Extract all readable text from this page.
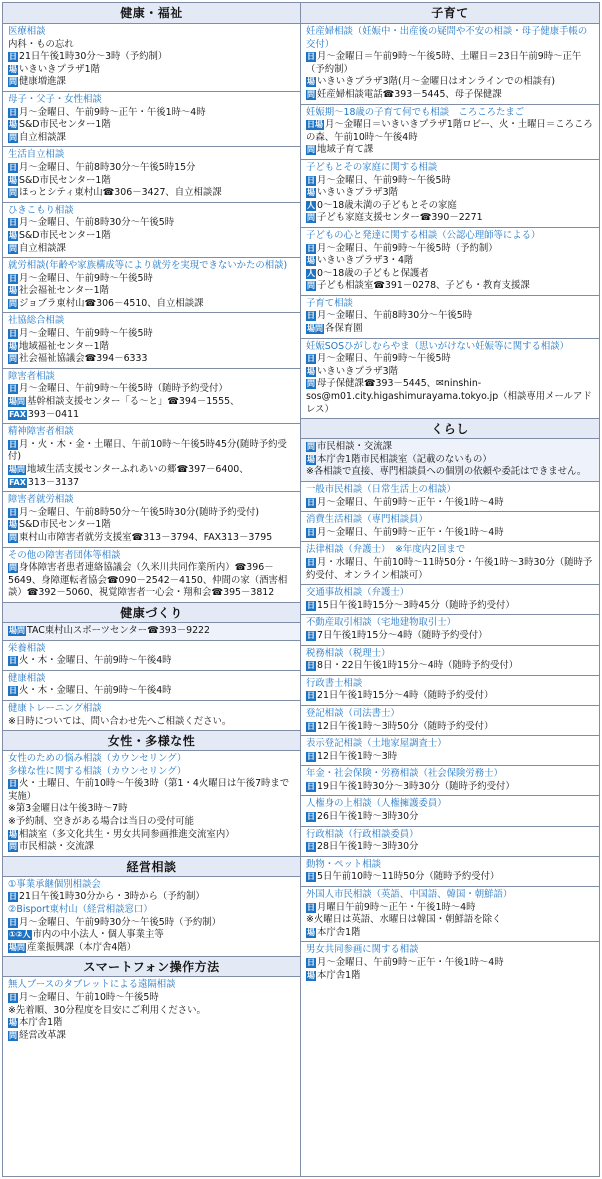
健康・福祉
医療相談
内科・もの忘れ
日 21日午後1時30分～3時（予約制）
場 いきいきプラザ1階　
問 健康増進課
母子・父子・女性相談
日 月～金曜日、午前9時～正午・午後1時～4時
場 S&D市民センター1階　
問 自立相談課
生活自立相談
日 月～金曜日、午前8時30分～午後5時15分
場 S&D市民センター1階
問 ほっとシティ東村山☎306－3427、自立相談課
ひきこもり相談
日 月～金曜日、午前8時30分～午後5時
場 S&D市民センター1階　
問 自立相談課
就労相談(年齢や家族構成等により就労を実現できないかたの相談)
日 月～金曜日、午前9時～午後5時
場 社会福祉センター1階
問 ジョブラ東村山☎306－4510、自立相談課
社協総合相談
日 月～金曜日、午前9時～午後5時
場 地域福祉センター1階　
問 社会福祉協議会☎394－6333
障害者相談
日 月～金曜日、午前9時～午後5時（随時予約受付）
場問 基幹相談支援センター「る～と」☎394－1555、
FAX 393－0411
精神障害者相談
日 月・火・木・金・土曜日、午前10時～午後5時45分(随時予約受付)
場問 地域生活支援センターふれあいの郷☎397－6400、
FAX 313－3137
障害者就労相談
日 月～金曜日、午前8時50分～午後5時30分(随時予約受付)
場 S&D市民センター1階
問 東村山市障害者就労支援室☎313－3794、FAX313－3795
その他の障害者団体等相談
問 身体障害者患者連絡協議会（久米川共同作業所内）☎396－5649、身障運転者協会☎090－2542－4150、仲間の家（酒害相談）☎392－5060、視覚障害者一心会・翔和会☎395－3812
健康づくり
場問 TAC東村山スポーツセンター☎393－9222
栄養相談
日 火・木・金曜日、午前9時～午後4時
健康相談
日 火・木・金曜日、午前9時～午後4時
健康トレーニング相談
※日時については、問い合わせ先へご相談ください。
女性・多様な性
女性のための悩み相談（カウンセリング）
多様な性に関する相談（カウンセリング）
日 火・土曜日、午前10時～午後3時（第1・4火曜日は午後7時まで実施）
※第3金曜日は午後3時～7時
※予約制、空きがある場合は当日の受付可能
場 相談室（多文化共生・男女共同参画推進交流室内）
問 市民相談・交流課
経営相談
①事業承継個別相談会
日 21日午後1時30分から・3時から（予約制）
②Bisport東村山（経営相談窓口）
日 月～金曜日、午前9時30分～午後5時（予約制）
①②人 市内の中小法人・個人事業主等
場問 産業振興課（本庁舎4階）
スマートフォン操作方法
無人ブースのタブレットによる遠隔相談
日 月～金曜日、午前10時～午後5時
※先着順、30分程度を目安にご利用ください。
場 本庁舎1階　
問 経営改革課
子育て
妊産婦相談（妊娠中・出産後の疑問や不安の相談・母子健康手帳の交付）
日 月～金曜日＝午前9時～午後5時、土曜日＝23日午前9時～正午（予約制）
場 いきいきプラザ3階(月～金曜日はオンラインでの相談有)
問 妊産婦相談電話☎393－5445、母子保健課
妊娠期～18歳の子育て何でも相談　ころころたまご
日場 月～金曜日＝いきいきプラザ1階ロビー、火・土曜日＝ころころの森、午前10時～午後4時
問 地域子育て課
子どもとその家庭に関する相談
日 月～金曜日、午前9時～午後5時
場 いきいきプラザ3階
人 0～18歳未満の子どもとその家庭
問 子ども家庭支援センター☎390－2271
子どもの心と発達に関する相談（公認心理師等による）
日 月～金曜日、午前9時～午後5時（予約制）
場 いきいきプラザ3・4階
人 0～18歳の子どもと保護者
問 子ども相談室☎391－0278、子ども・教育支援課
子育て相談
日 月～金曜日、午前8時30分～午後5時
場問 各保育園
妊娠SOSひがしむらやま（思いがけない妊娠等に関する相談）
日 月～金曜日、午前9時～午後5時
場 いきいきプラザ3階
問 母子保健課☎393－5445、✉ninshin-sos@m01.city.higashimurayama.tokyo.jp（相談専用メールアドレス）
くらし
問 市民相談・交流課
場 本庁舎1階市民相談室（記載のないもの）
※各相談で直接、専門相談員への個別の依頼や委託はできません。
一般市民相談（日常生活上の相談）
日 月～金曜日、午前9時～正午・午後1時～4時
消費生活相談（専門相談員）
日 月～金曜日、午前9時～正午・午後1時～4時
法律相談（弁護士）　※年度内2回まで
日 月・水曜日、午前10時～11時50分・午後1時～3時30分（随時予約受付、オンライン相談可）
交通事故相談（弁護士）
日 15日午後1時15分～3時45分（随時予約受付）
不動産取引相談（宅地建物取引士）
日 7日午後1時15分～4時（随時予約受付）
税務相談（税理士）
日 8日・22日午後1時15分～4時（随時予約受付）
行政書士相談
日 21日午後1時15分～4時（随時予約受付）
登記相談（司法書士）
日 12日午後1時～3時50分（随時予約受付）
表示登記相談（土地家屋調査士）
日 12日午後1時～3時
年金・社会保険・労務相談（社会保険労務士）
日 19日午後1時30分～3時30分（随時予約受付）
人権身の上相談（人権擁護委員）
日 26日午後1時～3時30分
行政相談（行政相談委員）
日 28日午後1時～3時30分
動物・ペット相談
日 5日午前10時～11時50分（随時予約受付）
外国人市民相談（英語、中国語、韓国・朝鮮語）
日 月曜日午前9時～正午・午後1時～4時
※火曜日は英語、水曜日は韓国・朝鮮語を除く
場 本庁舎1階
男女共同参画に関する相談
日 月～金曜日、午前9時～正午・午後1時～4時
場 本庁舎1階
